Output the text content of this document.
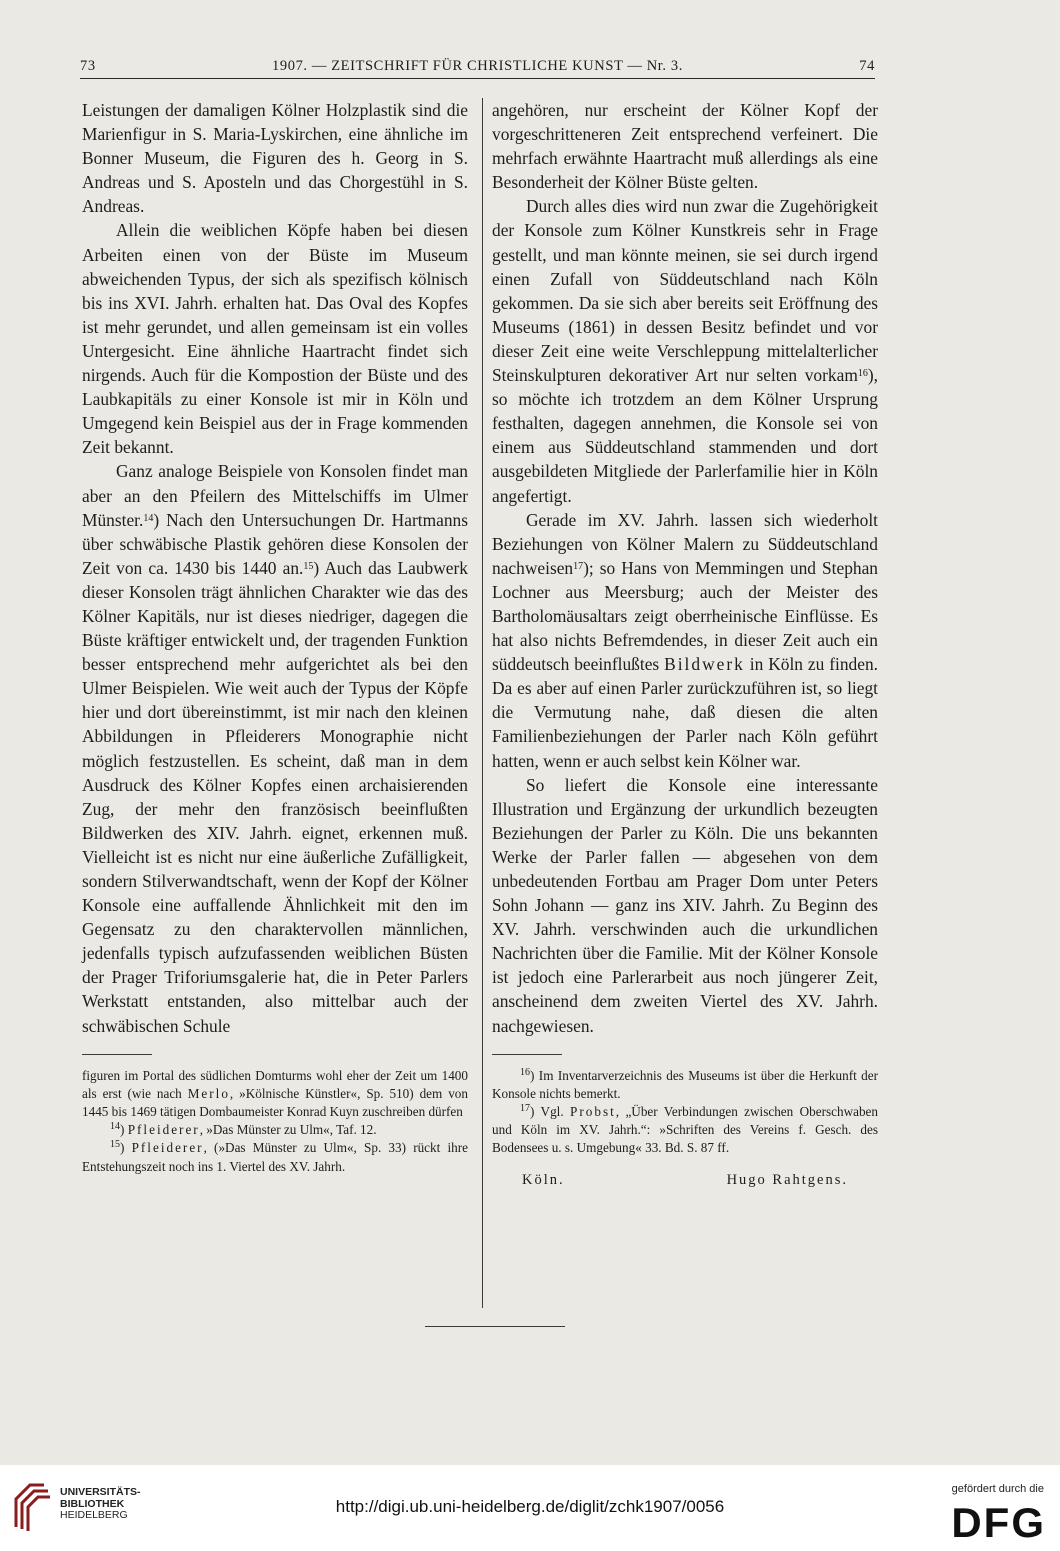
73	1907. — ZEITSCHRIFT FÜR CHRISTLICHE KUNST — Nr. 3.	74

Leistungen der damaligen Kölner Holzplastik sind die Marienfigur in S. Maria-Lyskirchen, eine ähnliche im Bonner Museum, die Figuren des h. Georg in S. Andreas und S. Aposteln und das Chorgestühl in S. Andreas.

Allein die weiblichen Köpfe haben bei diesen Arbeiten einen von der Büste im Museum abweichenden Typus, der sich als spezifisch kölnisch bis ins XVI. Jahrh. erhalten hat. Das Oval des Kopfes ist mehr gerundet, und allen gemeinsam ist ein volles Untergesicht. Eine ähnliche Haartracht findet sich nirgends. Auch für die Kompostion der Büste und des Laubkapitäls zu einer Konsole ist mir in Köln und Umgegend kein Beispiel aus der in Frage kommenden Zeit bekannt.

Ganz analoge Beispiele von Konsolen findet man aber an den Pfeilern des Mittelschiffs im Ulmer Münster.$^{14}$) Nach den Untersuchungen Dr. Hartmanns über schwäbische Plastik gehören diese Konsolen der Zeit von ca. 1430 bis 1440 an.$^{15}$) Auch das Laubwerk dieser Konsolen trägt ähnlichen Charakter wie das des Kölner Kapitäls, nur ist dieses niedriger, dagegen die Büste kräftiger entwickelt und, der tragenden Funktion besser entsprechend mehr aufgerichtet als bei den Ulmer Beispielen. Wie weit auch der Typus der Köpfe hier und dort übereinstimmt, ist mir nach den kleinen Abbildungen in Pfleiderers Monographie nicht möglich festzustellen. Es scheint, daß man in dem Ausdruck des Kölner Kopfes einen archaisierenden Zug, der mehr den französisch beeinflußten Bildwerken des XIV. Jahrh. eignet, erkennen muß. Vielleicht ist es nicht nur eine äußerliche Zufälligkeit, sondern Stilverwandtschaft, wenn der Kopf der Kölner Konsole eine auffallende Ähnlichkeit mit den im Gegensatz zu den charaktervollen männlichen, jedenfalls typisch aufzufassenden weiblichen Büsten der Prager Triforiumsgalerie hat, die in Peter Parlers Werkstatt entstanden, also mittelbar auch der schwäbischen Schule

figuren im Portal des südlichen Domturms wohl eher der Zeit um 1400 als erst (wie nach Merlo, »Kölnische Künstler«, Sp. 510) dem von 1445 bis 1469 tätigen Dombaumeister Konrad Kuyn zuschreiben dürfen

$^{14}$) Pfleiderer, »Das Münster zu Ulm«, Taf. 12.

$^{15}$) Pfleiderer, (»Das Münster zu Ulm«, Sp. 33) rückt ihre Entstehungszeit noch ins 1. Viertel des XV. Jahrh.

angehören, nur erscheint der Kölner Kopf der vorgeschritteneren Zeit entsprechend verfeinert. Die mehrfach erwähnte Haartracht muß allerdings als eine Besonderheit der Kölner Büste gelten.

Durch alles dies wird nun zwar die Zugehörigkeit der Konsole zum Kölner Kunstkreis sehr in Frage gestellt, und man könnte meinen, sie sei durch irgend einen Zufall von Süddeutschland nach Köln gekommen. Da sie sich aber bereits seit Eröffnung des Museums (1861) in dessen Besitz befindet und vor dieser Zeit eine weite Verschleppung mittelalterlicher Steinskulpturen dekorativer Art nur selten vorkam$^{16}$), so möchte ich trotzdem an dem Kölner Ursprung festhalten, dagegen annehmen, die Konsole sei von einem aus Süddeutschland stammenden und dort ausgebildeten Mitgliede der Parlerfamilie hier in Köln angefertigt.

Gerade im XV. Jahrh. lassen sich wiederholt Beziehungen von Kölner Malern zu Süddeutschland nachweisen$^{17}$); so Hans von Memmingen und Stephan Lochner aus Meersburg; auch der Meister des Bartholomäusaltars zeigt oberrheinische Einflüsse. Es hat also nichts Befremdendes, in dieser Zeit auch ein süddeutsch beeinflußtes Bildwerk in Köln zu finden. Da es aber auf einen Parler zurückzuführen ist, so liegt die Vermutung nahe, daß diesen die alten Familienbeziehungen der Parler nach Köln geführt hatten, wenn er auch selbst kein Kölner war.

So liefert die Konsole eine interessante Illustration und Ergänzung der urkundlich bezeugten Beziehungen der Parler zu Köln. Die uns bekannten Werke der Parler fallen — abgesehen von dem unbedeutenden Fortbau am Prager Dom unter Peters Sohn Johann — ganz ins XIV. Jahrh. Zu Beginn des XV. Jahrh. verschwinden auch die urkundlichen Nachrichten über die Familie. Mit der Kölner Konsole ist jedoch eine Parlerarbeit aus noch jüngerer Zeit, anscheinend dem zweiten Viertel des XV. Jahrh. nachgewiesen.

$^{16}$) Im Inventarverzeichnis des Museums ist über die Herkunft der Konsole nichts bemerkt.

$^{17}$) Vgl. Probst, „Über Verbindungen zwischen Oberschwaben und Köln im XV. Jahrh.“: »Schriften des Vereins f. Gesch. des Bodensees u. s. Umgebung« 33. Bd. S. 87 ff.

Köln.	Hugo Rahtgens.
UNIVERSITÄTS-
BIBLIOTHEK
HEIDELBERG	http://digi.ub.uni-heidelberg.de/diglit/zchk1907/0056
gefördert durch die
DFG
